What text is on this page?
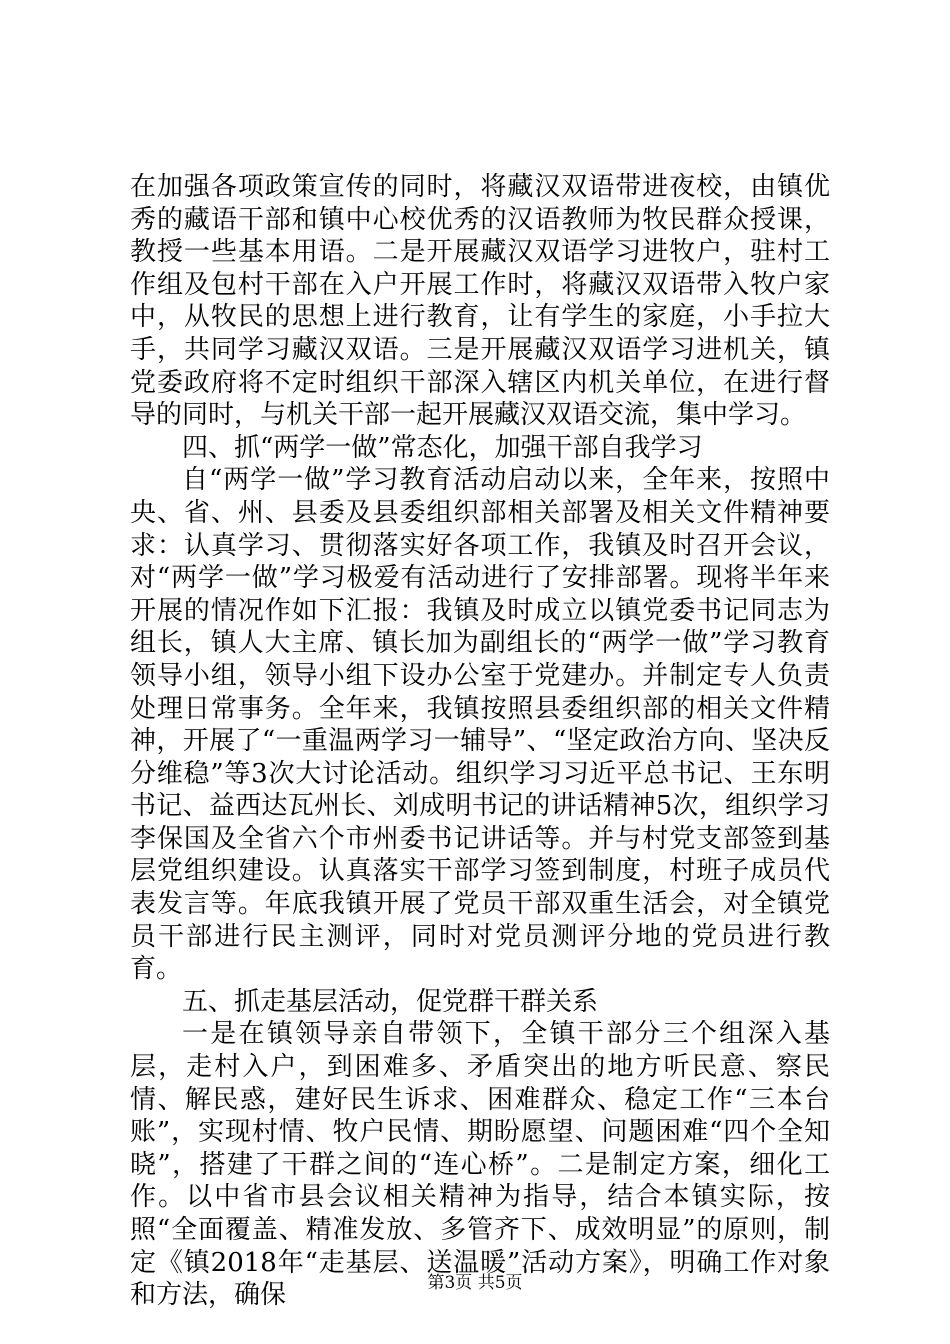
在加强各项政策宣传的同时，将藏汉双语带进夜校，由镇优秀的藏语干部和镇中心校优秀的汉语教师为牧民群众授课，教授一些基本用语。二是开展藏汉双语学习进牧户，驻村工作组及包村干部在入户开展工作时，将藏汉双语带入牧户家中，从牧民的思想上进行教育，让有学生的家庭，小手拉大手，共同学习藏汉双语。三是开展藏汉双语学习进机关，镇党委政府将不定时组织干部深入辖区内机关单位，在进行督导的同时，与机关干部一起开展藏汉双语交流，集中学习。

四、抓“两学一做”常态化，加强干部自我学习

自“两学一做”学习教育活动启动以来，全年来，按照中央、省、州、县委及县委组织部相关部署及相关文件精神要求：认真学习、贯彻落实好各项工作，我镇及时召开会议，对“两学一做”学习极爱有活动进行了安排部署。现将半年来开展的情况作如下汇报：我镇及时成立以镇党委书记同志为组长，镇人大主席、镇长加为副组长的“两学一做”学习教育领导小组，领导小组下设办公室于党建办。并制定专人负责处理日常事务。全年来，我镇按照县委组织部的相关文件精神，开展了“一重温两学习一辅导”、“坚定政治方向、坚决反分维稳”等3次大讨论活动。组织学习习近平总书记、王东明书记、益西达瓦州长、刘成明书记的讲话精神5次，组织学习李保国及全省六个市州委书记讲话等。并与村党支部签到基层党组织建设。认真落实干部学习签到制度，村班子成员代表发言等。年底我镇开展了党员干部双重生活会，对全镇党员干部进行民主测评，同时对党员测评分地的党员进行教育。

五、抓走基层活动，促党群干群关系

一是在镇领导亲自带领下，全镇干部分三个组深入基层，走村入户，到困难多、矛盾突出的地方听民意、察民情、解民惑，建好民生诉求、困难群众、稳定工作“三本台账”，实现村情、牧户民情、期盼愿望、问题困难“四个全知晓”，搭建了干群之间的“连心桥”。二是制定方案，细化工作。以中省市县会议相关精神为指导，结合本镇实际，按照“全面覆盖、精准发放、多管齐下、成效明显”的原则，制定《镇2018年“走基层、送温暖”活动方案》，明确工作对象和方法，确保	第3页 共5页
